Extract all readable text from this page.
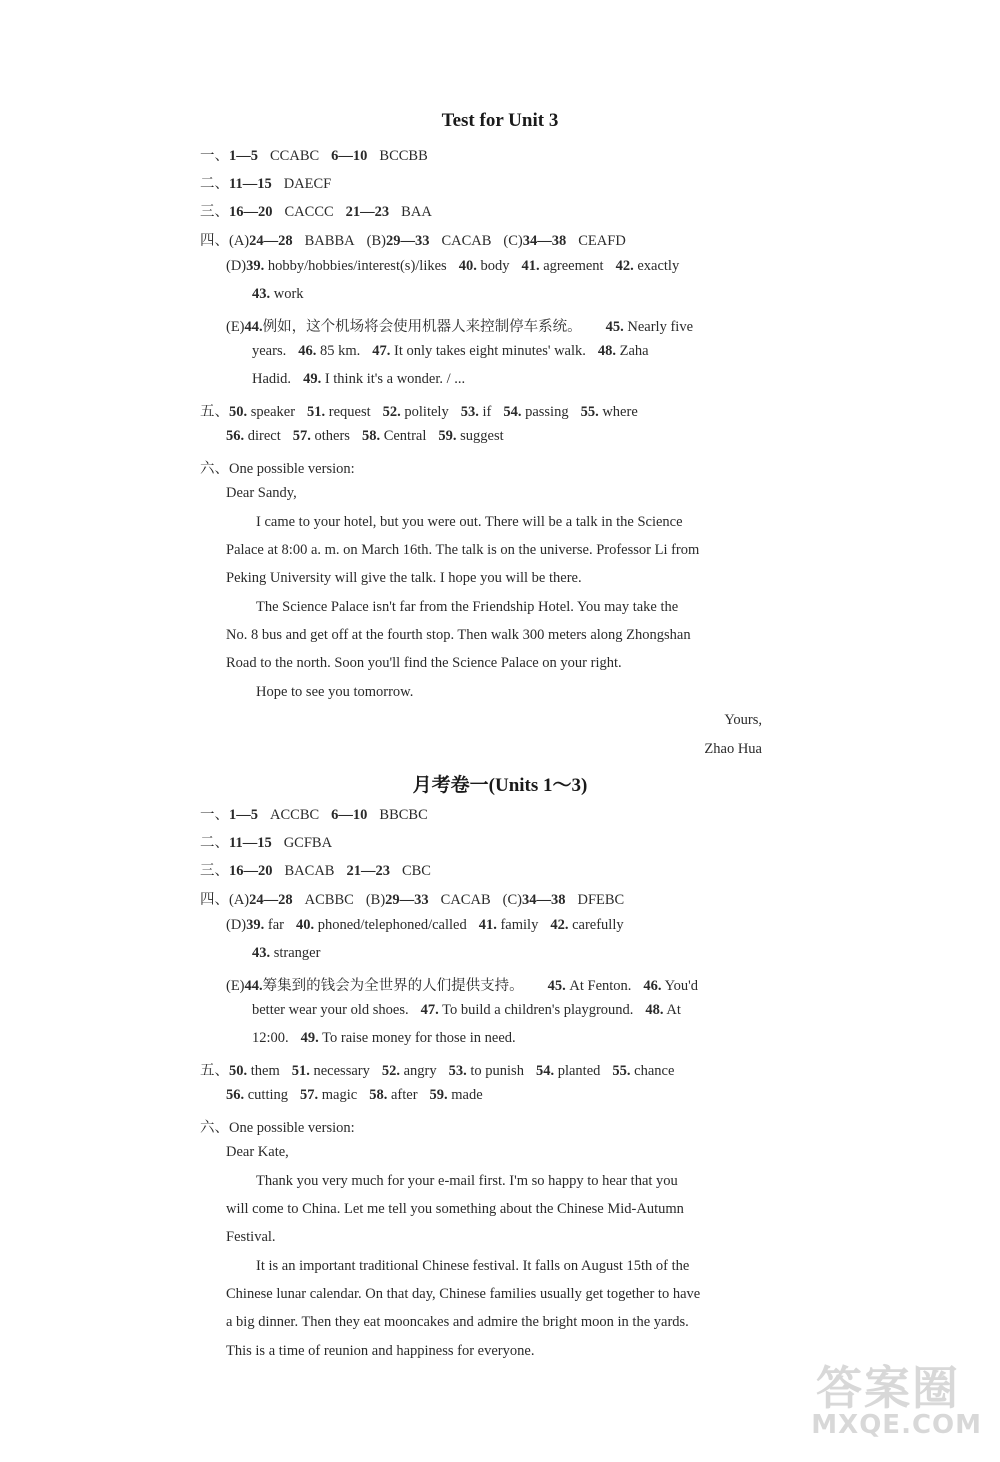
Test for Unit 3
一、1—5 CCABC 6—10 BCCBB
二、11—15 DAECF
三、16—20 CACCC 21—23 BAA
四、(A)24—28 BABBA (B)29—33 CACAB (C)34—38 CEAFD
(D)39. hobby/hobbies/interest(s)/likes 40. body 41. agreement 42. exactly
43. work
(E)44.例如，这个机场将会使用机器人来控制停车系统。 45. Nearly five
years. 46. 85 km. 47. It only takes eight minutes' walk. 48. Zaha
Hadid. 49. I think it's a wonder. / ...
五、50. speaker 51. request 52. politely 53. if 54. passing 55. where
56. direct 57. others 58. Central 59. suggest
六、One possible version:
Dear Sandy,
I came to your hotel, but you were out. There will be a talk in the Science
Palace at 8:00 a. m. on March 16th. The talk is on the universe. Professor Li from
Peking University will give the talk. I hope you will be there.
The Science Palace isn't far from the Friendship Hotel. You may take the
No. 8 bus and get off at the fourth stop. Then walk 300 meters along Zhongshan
Road to the north. Soon you'll find the Science Palace on your right.
Hope to see you tomorrow.
Yours,
Zhao Hua
月考卷一(Units 1～3)
一、1—5 ACCBC 6—10 BBCBC
二、11—15 GCFBA
三、16—20 BACAB 21—23 CBC
四、(A)24—28 ACBBC (B)29—33 CACAB (C)34—38 DFEBC
(D)39. far 40. phoned/telephoned/called 41. family 42. carefully
43. stranger
(E)44.筹集到的钱会为全世界的人们提供支持。 45. At Fenton. 46. You'd
better wear your old shoes. 47. To build a children's playground. 48. At
12:00. 49. To raise money for those in need.
五、50. them 51. necessary 52. angry 53. to punish 54. planted 55. chance
56. cutting 57. magic 58. after 59. made
六、One possible version:
Dear Kate,
Thank you very much for your e-mail first. I'm so happy to hear that you
will come to China. Let me tell you something about the Chinese Mid-Autumn
Festival.
It is an important traditional Chinese festival. It falls on August 15th of the
Chinese lunar calendar. On that day, Chinese families usually get together to have
a big dinner. Then they eat mooncakes and admire the bright moon in the yards.
This is a time of reunion and happiness for everyone.
答案圈
MXQE.COM
